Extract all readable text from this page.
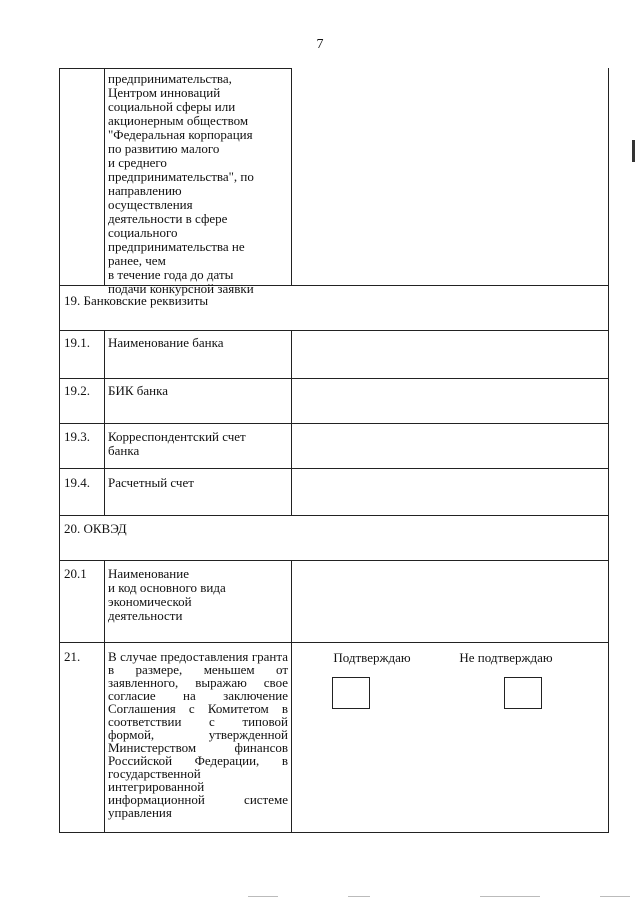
7
предпринимательства,
Центром инноваций
социальной сферы или
акционерным обществом
"Федеральная корпорация
по развитию малого
и среднего
предпринимательства", по
направлению
осуществления
деятельности в сфере
социального
предпринимательства не
ранее, чем
в течение года до даты
подачи конкурсной заявки
19. Банковские реквизиты
19.1. Наименование банка
19.2. БИК банка
19.3. Корреспондентский счет
банка
19.4. Расчетный счет
20. ОКВЭД
20.1 Наименование
и код основного вида
экономической
деятельности
21. В случае предоставления гранта в размере, меньшем от заявленного, выражаю свое согласие на заключение Соглашения с Комитетом в соответствии с типовой формой, утвержденной Министерством финансов Российской Федерации, в государственной интегрированной информационной системе управления
Подтверждаю	Не подтверждаю
